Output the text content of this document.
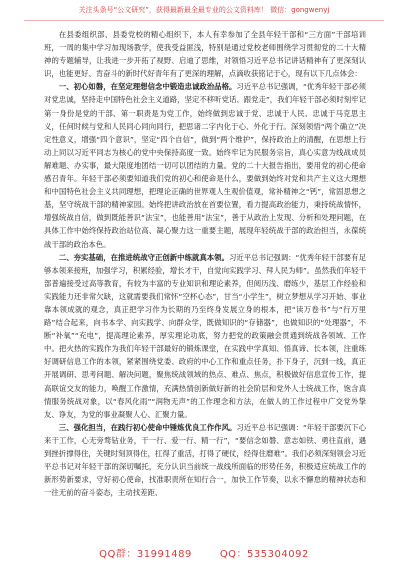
关注头条号“公文研究”，获得最新最全最专业的公文资料库！ 微信：gongwenyj

在县委组织部、县委党校的精心组织下，本人有幸参加了全县年轻干部和“三方面”干部培训班，一周的集中学习加现场教学，使我受益匪浅，特别是通过党校老师围绕学习贯彻党的二十大精神的专题辅导，让我进一步开拓了视野、启迪了思维，对领悟习近平总书记讲话精神有了更深刻认识，也能更好、肯奋斗的新时代好青年有了更深的理解，点滴收获铭记于心，现有以下几点体会：

一、初心如磐，在坚定理想信念中锻造忠诚政治品格。习近平总书记强调，“优秀年轻干部必须对党忠诚，坚持走中国特色社会主义道路，坚定不移听党话、跟党走”，我们年轻干部必须时刻牢记第一身份是党的干部、第一职责是为党工作，始终做到忠诚于党、忠诚于人民、忠诚于马克思主义，任何时候与党和人民同心同向同行，把思诸二字内化于心、外化于行。深刻领悟“两个确立”决定性意义，增强“四个意识”，坚定“四个自信”，做到“两个维护”，保持政治上的清醒，在思想上行动上同以习近平同志为核心的党中央保持高度一致。始终牢记为民服务宗旨，真心实意为线战成员解难题、办实事，最大限度地团结一切可以团结的力量。党的二十大报告指出，要用党的初心使命感召青年。年轻干部必须要知道我们党的初心和使命是什么，要做到始终对党和共产主义这大理想和中国特色社会主义共同理想，把理论正确的世界观人生观价值观，常补精神之“钙”，常固思想之基，坚守统战干部的精神家园。始终把讲政治放在首要位置，看力提高政治能力，秉持统战情怀，增强统战自信，做到既能善识“法宝”，也能善用“法宝”，善于从政治上发现、分析和处理问题，在具体工作中始终保持政治站位高、凝心聚力这一重要主题，展现年轻统战干部的政治担当，永葆统战干部的政治本色。

二、夯实基础，在推进统战守正创新中练就真本领。习近平总书记强调：“优秀年轻干部要有足够本领来接班，加强学习，积累经验，增长才干，自觉向实践学习、拜人民为师”。虽然我们年轻干部普遍接受过高等教育，有较为丰富的专业知识和理论素养，但阅历浅、磨练少，基层工作经验和实践能力还非常欠缺，这就需要我们常怀“空杯心态”，甘当“小学生”，树立梦想从学习开始、事业靠本领成就的观念，真正把学习作为长期的乃至终身发展立身的根本，把“读万卷书”与“行万里路”结合起来，向书本学、向实践学、向群众学，既做知识的“存储器”，也做知识的“处理器”，不断“补氧”“充电”，提高理论素养，厚实理论功底，努力把党的政策融会贯通到统战各领域、工作中。把火热的实践作为我们年轻干部最好的锻炼课堂，在实践中学真知、悟真谛、长本领，注重练好调研信息工作的本领，紧紧围绕党委、政府的中心工作和重点任务，扑下身子，沉到一线，真正开展调研、思考问题、解决问题，聚焦统战领域的热点、难点、焦点，积极做好信息宣传工作，提高联谊交友的能力，唤醒工作激情，充满热情创新做好新的社会阶层和党外人士统战工作，饱含真情服务统战对象，以“春风化雨”“润物无声”的工作理念和方法，在做人的工作过程中广交党外挚友、诤友，为党的事业凝聚人心、汇聚力量。

三、强化担当，在践行初心使命中锤炼优良工作作风。习近平总书记强调：“年轻干部要沉下心来干工作，心无旁骛钻业务，干一行、爱一行、精一行”，“要信念如磐、意志如铁、勇往直前，遇到挫折撑得住，关键时刻顶得住，扛得了重活，打得了硬仗，经得住磨难”。我们必须深刻领会习近平总书记对年轻干部的深切嘱托，充分认识当前统一战线所面临的形势任务，积极适应统战工作的新形势新要求，守好初心使命，找准职责所在知行合一，加快工作节奏，以永不懈怠的精神状态和一往无前的奋斗姿态，主动找差距、

QQ群：31991489	QQ：535304092
